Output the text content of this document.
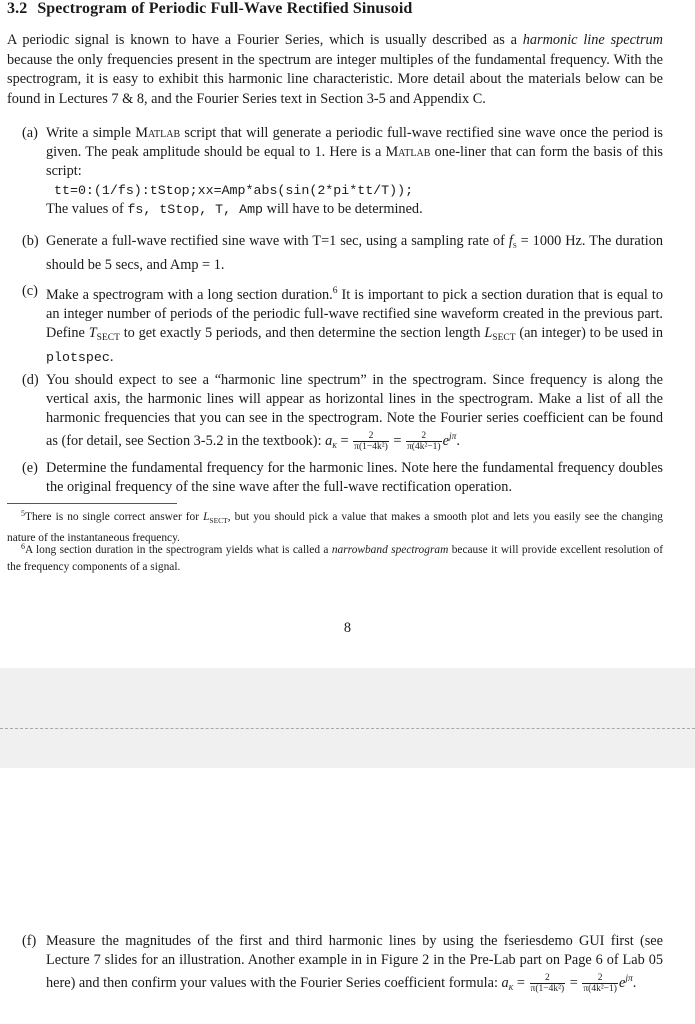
3.2 Spectrogram of Periodic Full-Wave Rectified Sinusoid

A periodic signal is known to have a Fourier Series, which is usually described as a harmonic line spectrum because the only frequencies present in the spectrum are integer multiples of the fundamental frequency. With the spectrogram, it is easy to exhibit this harmonic line characteristic. More detail about the materials below can be found in Lectures 7 & 8, and the Fourier Series text in Section 3-5 and Appendix C.

(a) Write a simple Matlab script that will generate a periodic full-wave rectified sine wave once the period is given. The peak amplitude should be equal to 1. Here is a Matlab one-liner that can form the basis of this script:
tt=0:(1/fs):tStop;xx=Amp*abs(sin(2*pi*tt/T));
The values of fs, tStop, T, Amp will have to be determined.
(b) Generate a full-wave rectified sine wave with T=1 sec, using a sampling rate of $f_s = 1000$ Hz. The duration should be 5 secs, and Amp = 1.
(c) Make a spectrogram with a long section duration.$^6$ It is important to pick a section duration that is equal to an integer number of periods of the periodic full-wave rectified sine waveform created in the previous part. Define $T_{SECT}$ to get exactly 5 periods, and then determine the section length $L_{SECT}$ (an integer) to be used in plotspec.
(d) You should expect to see a “harmonic line spectrum” in the spectrogram. Since frequency is along the vertical axis, the harmonic lines will appear as horizontal lines in the spectrogram. Make a list of all the harmonic frequencies that you can see in the spectrogram. Note the Fourier series coefficient can be found as (for detail, see Section 3-5.2 in the textbook): $a_k = \frac{2}{\text{π(1−4k²)}} = \frac{2}{\text{π(4k²−1)}} e^{j\pi}$.
(e) Determine the fundamental frequency for the harmonic lines. Note here the fundamental frequency doubles the original frequency of the sine wave after the full-wave rectification operation.

$^5$There is no single correct answer for $L_{SECT}$, but you should pick a value that makes a smooth plot and lets you easily see the changing nature of the instantaneous frequency.

$^6$A long section duration in the spectrogram yields what is called a narrowband spectrogram because it will provide excellent resolution of the frequency components of a signal.

8
(f) Measure the magnitudes of the first and third harmonic lines by using the fseriesdemo GUI first (see Lecture 7 slides for an illustration. Another example in in Figure 2 in the Pre-Lab part on Page 6 of Lab 05 here) and then confirm your values with the Fourier Series coefficient formula: $a_k = \frac{2}{\text{π(1−4k²)}} = \frac{2}{\text{π(4k²−1)}} e^{j\pi}$.
